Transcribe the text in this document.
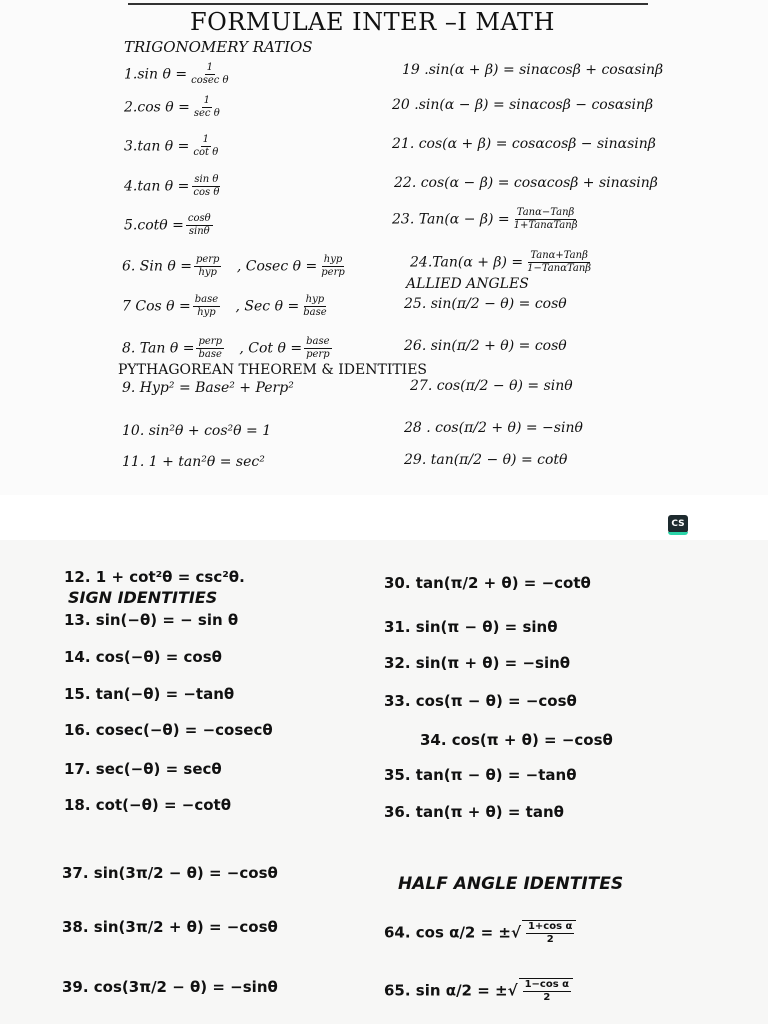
FORMULAE INTER –I MATH
TRIGONOMERY RATIOS
1.sin $\theta = \frac{1}{\text{cosec θ}}$
2.cos $\theta = \frac{1}{\text{sec θ}}$
3.tan $\theta = \frac{1}{\text{cot θ}}$
4.tan $\theta = \frac{\text{sin θ}}{\text{cos θ}}$
$5.\cot\theta = \frac{\cos\theta}{\sin\theta}$
6. Sin $\theta = \frac{\text{perp}}{\text{hyp}}$ , Cosec $\theta = \frac{\text{hyp}}{\text{perp}}$
7 Cos $\theta = \frac{\text{base}}{\text{hyp}}$ , Sec $\theta = \frac{\text{hyp}}{\text{base}}$
8. Tan $\theta = \frac{\text{perp}}{\text{base}}$ , Cot $\theta = \frac{\text{base}}{\text{perp}}$
PYTHAGOREAN THEOREM & IDENTITIES
9. Hyp² = Base² + Perp²
10. sin²θ + cos²θ = 1
11. 1 + tan²θ = sec²
19 .sin(α + β) = sinαcosβ + cosαsinβ
20 .sin(α − β) = sinαcosβ − cosαsinβ
21. cos(α + β) = cosαcosβ − sinαsinβ
22. cos(α − β) = cosαcosβ + sinαsinβ
23. $Tan(\alpha - \beta) = \frac{\text{Tanα−Tanβ}}{\text{1+TanαTanβ}}$
$24.Tan(\alpha + \beta) = \frac{\text{Tanα+Tanβ}}{\text{1−TanαTanβ}}$
ALLIED ANGLES
25. sin(π/2 − θ) = cosθ
26. sin(π/2 + θ) = cosθ
27. cos(π/2 − θ) = sinθ
28 . cos(π/2 + θ) = −sinθ
29. tan(π/2 − θ) = cotθ
CS
12. 1 + cot²θ = csc²θ.
SIGN IDENTITIES
13. sin(−θ) = − sin θ
14. cos(−θ) = cosθ
15. tan(−θ) = −tanθ
16. cosec(−θ) = −cosecθ
17. sec(−θ) = secθ
18. cot(−θ) = −cotθ
37. sin(3π/2 − θ) = −cosθ
38. sin(3π/2 + θ) = −cosθ
39. cos(3π/2 − θ) = −sinθ
30. tan(π/2 + θ) = −cotθ
31. sin(π − θ) = sinθ
32. sin(π + θ) = −sinθ
33. cos(π − θ) = −cosθ
34. cos(π + θ) = −cosθ
35. tan(π − θ) = −tanθ
36. tan(π + θ) = tanθ
HALF ANGLE IDENTITES
64. cos α/2 = ±√ $\frac{\text{1+cos α}}{2}$
65. sin α/2 = ±√ $\frac{\text{1−cos α}}{2}$
